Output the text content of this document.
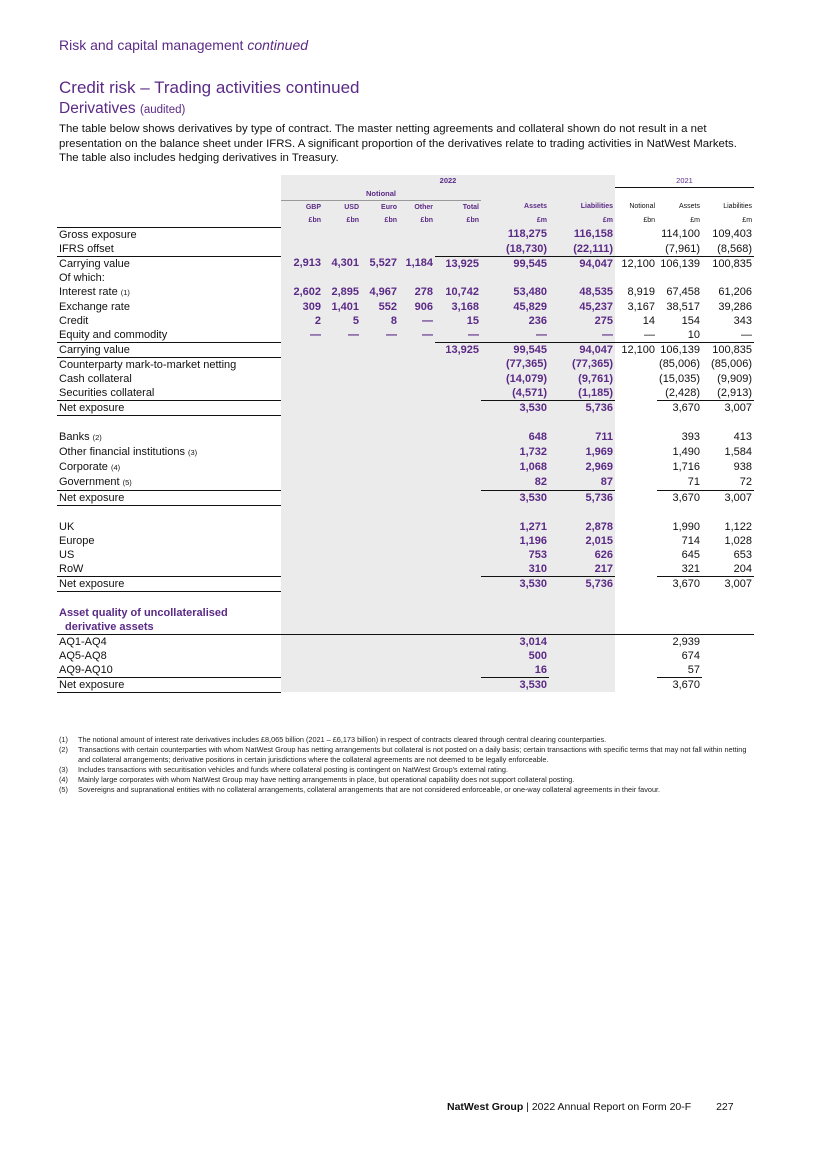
Risk and capital management continued
Credit risk – Trading activities continued
Derivatives (audited)
The table below shows derivatives by type of contract. The master netting agreements and collateral shown do not result in a net presentation on the balance sheet under IFRS. A significant proportion of the derivatives relate to trading activities in NatWest Markets. The table also includes hedging derivatives in Treasury.
	2022							2021		
	Notional									
	GBP	USD	Euro	Other	Total	Assets	Liabilities	Notional	Assets	Liabilities
	£bn	£bn	£bn	£bn	£bn	£m	£m	£bn	£m	£m
Gross exposure						118,275	116,158		114,100	109,403
IFRS offset						(18,730)	(22,111)		(7,961)	(8,568)
Carrying value	2,913	4,301	5,527	1,184	13,925	99,545	94,047	12,100	106,139	100,835
Of which:										
Interest rate (1)	2,602	2,895	4,967	278	10,742	53,480	48,535	8,919	67,458	61,206
Exchange rate	309	1,401	552	906	3,168	45,829	45,237	3,167	38,517	39,286
Credit	2	5	8	—	15	236	275	14	154	343
Equity and commodity	—	—	—	—	—	—	—	—	10	—
Carrying value					13,925	99,545	94,047	12,100	106,139	100,835
Counterparty mark-to-market netting						(77,365)	(77,365)		(85,006)	(85,006)
Cash collateral						(14,079)	(9,761)		(15,035)	(9,909)
Securities collateral						(4,571)	(1,185)		(2,428)	(2,913)
Net exposure						3,530	5,736		3,670	3,007

Banks (2)						648	711		393	413
Other financial institutions (3)						1,732	1,969		1,490	1,584
Corporate (4)						1,068	2,969		1,716	938
Government (5)						82	87		71	72
Net exposure						3,530	5,736		3,670	3,007

UK						1,271	2,878		1,990	1,122
Europe						1,196	2,015		714	1,028
US						753	626		645	653
RoW						310	217		321	204
Net exposure						3,530	5,736		3,670	3,007

Asset quality of uncollateralised										
derivative assets										
AQ1-AQ4						3,014			2,939	
AQ5-AQ8						500			674	
AQ9-AQ10						16			57	
Net exposure						3,530			3,670	
(1) The notional amount of interest rate derivatives includes £8,065 billion (2021 – £6,173 billion) in respect of contracts cleared through central clearing counterparties.
(2) Transactions with certain counterparties with whom NatWest Group has netting arrangements but collateral is not posted on a daily basis; certain transactions with specific terms that may not fall within netting and collateral arrangements; derivative positions in certain jurisdictions where the collateral agreements are not deemed to be legally enforceable.
(3) Includes transactions with securitisation vehicles and funds where collateral posting is contingent on NatWest Group's external rating.
(4) Mainly large corporates with whom NatWest Group may have netting arrangements in place, but operational capability does not support collateral posting.
(5) Sovereigns and supranational entities with no collateral arrangements, collateral arrangements that are not considered enforceable, or one-way collateral agreements in their favour.
NatWest Group | 2022 Annual Report on Form 20-F 227
